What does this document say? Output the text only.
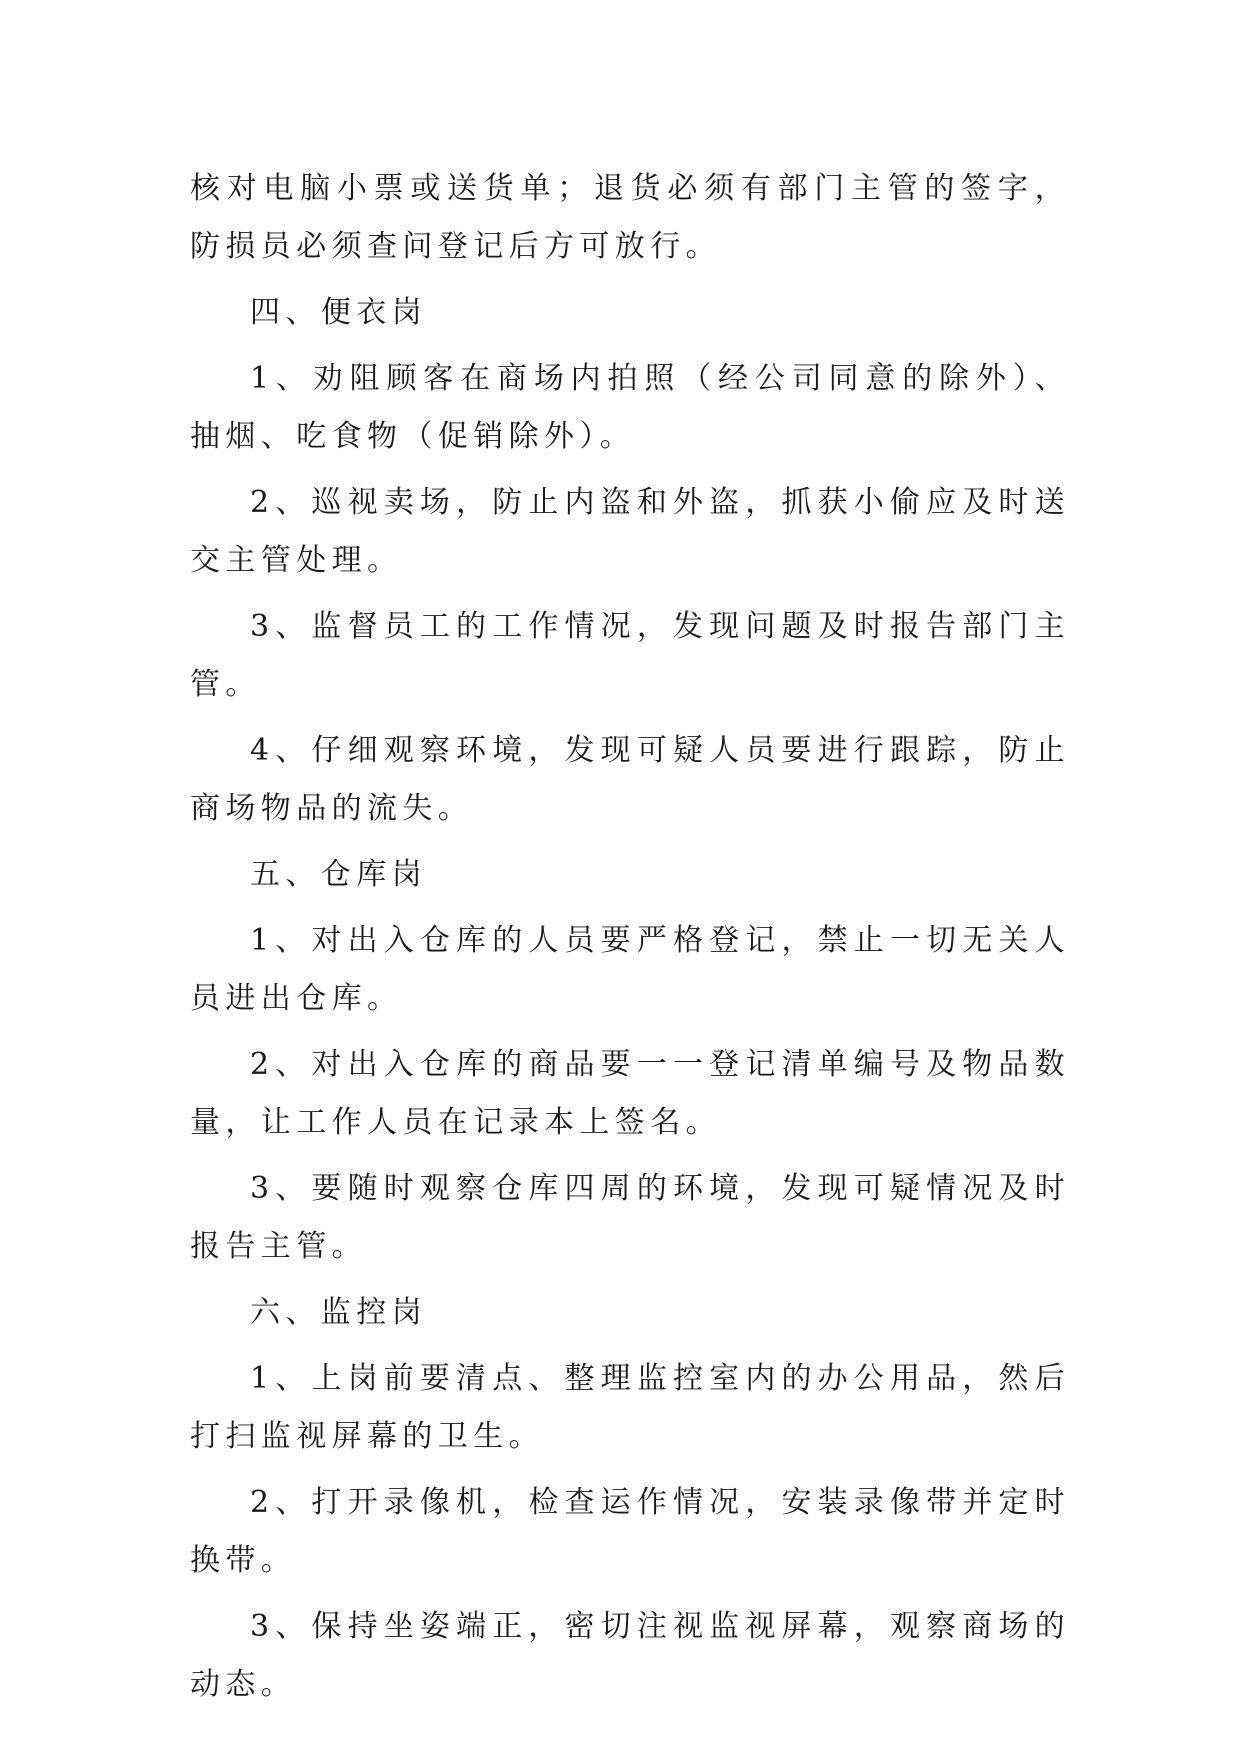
核对电脑小票或送货单；退货必须有部门主管的签字，防损员必须查问登记后方可放行。

四、便衣岗

1、劝阻顾客在商场内拍照（经公司同意的除外）、抽烟、吃食物（促销除外）。

2、巡视卖场，防止内盗和外盗，抓获小偷应及时送交主管处理。

3、监督员工的工作情况，发现问题及时报告部门主管。

4、仔细观察环境，发现可疑人员要进行跟踪，防止商场物品的流失。

五、仓库岗

1、对出入仓库的人员要严格登记，禁止一切无关人员进出仓库。

2、对出入仓库的商品要一一登记清单编号及物品数量，让工作人员在记录本上签名。

3、要随时观察仓库四周的环境，发现可疑情况及时报告主管。

六、监控岗

1、上岗前要清点、整理监控室内的办公用品，然后打扫监视屏幕的卫生。

2、打开录像机，检查运作情况，安装录像带并定时换带。

3、保持坐姿端正，密切注视监视屏幕，观察商场的动态。
